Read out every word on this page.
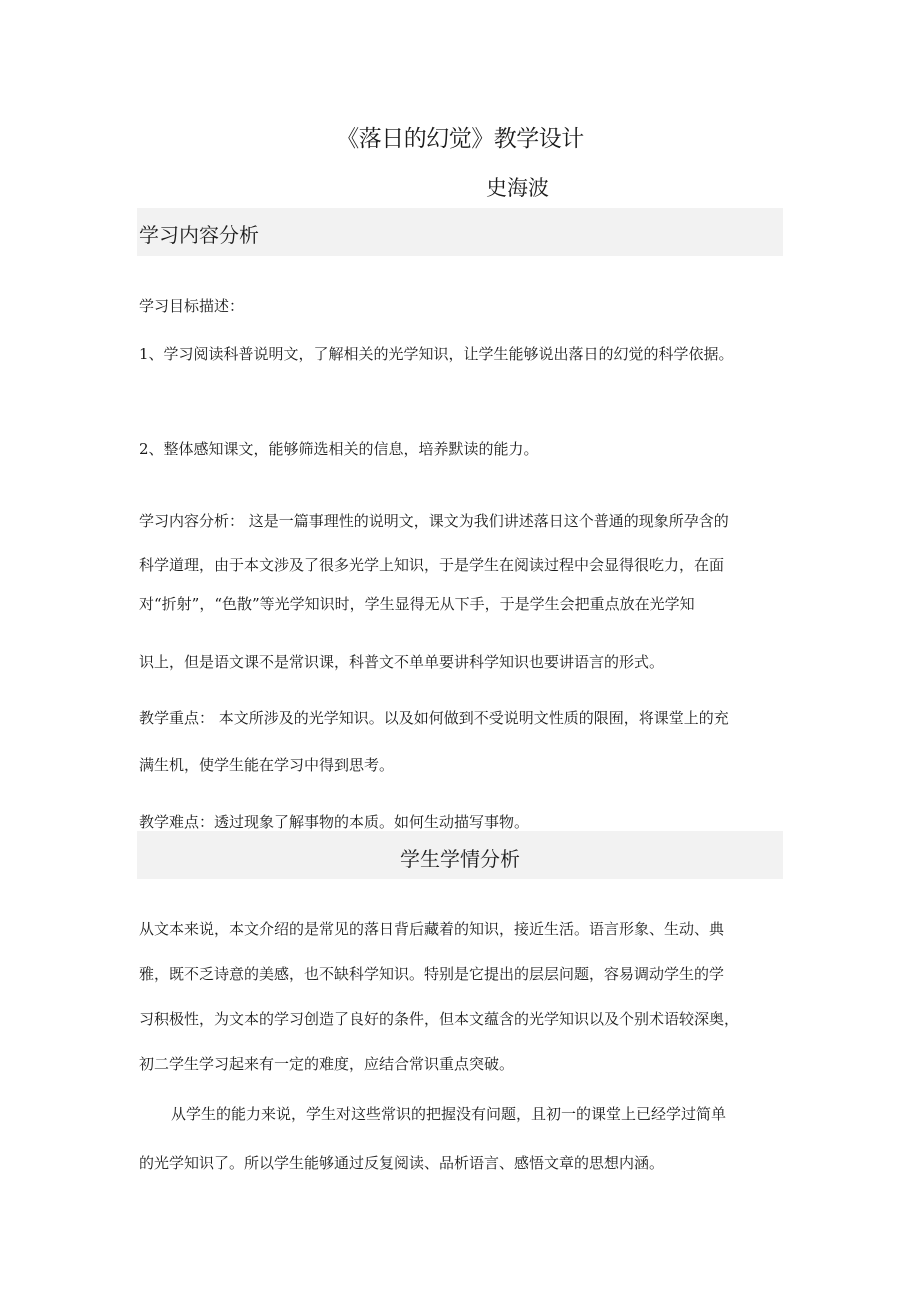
《落日的幻觉》教学设计
史海波
学习内容分析
学习目标描述：
1、学习阅读科普说明文，了解相关的光学知识，让学生能够说出落日的幻觉的科学依据。
2、整体感知课文，能够筛选相关的信息，培养默读的能力。
学习内容分析： 这是一篇事理性的说明文，课文为我们讲述落日这个普通的现象所孕含的
科学道理，由于本文涉及了很多光学上知识，于是学生在阅读过程中会显得很吃力，在面
对“折射”，“色散”等光学知识时，学生显得无从下手，于是学生会把重点放在光学知
识上，但是语文课不是常识课，科普文不单单要讲科学知识也要讲语言的形式。
教学重点： 本文所涉及的光学知识。以及如何做到不受说明文性质的限囿，将课堂上的充
满生机，使学生能在学习中得到思考。
教学难点：透过现象了解事物的本质。如何生动描写事物。
学生学情分析
从文本来说，本文介绍的是常见的落日背后藏着的知识，接近生活。语言形象、生动、典
雅，既不乏诗意的美感，也不缺科学知识。特别是它提出的层层问题，容易调动学生的学
习积极性，为文本的学习创造了良好的条件，但本文蕴含的光学知识以及个别术语较深奥，
初二学生学习起来有一定的难度，应结合常识重点突破。
从学生的能力来说，学生对这些常识的把握没有问题，且初一的课堂上已经学过简单
的光学知识了。所以学生能够通过反复阅读、品析语言、感悟文章的思想内涵。
